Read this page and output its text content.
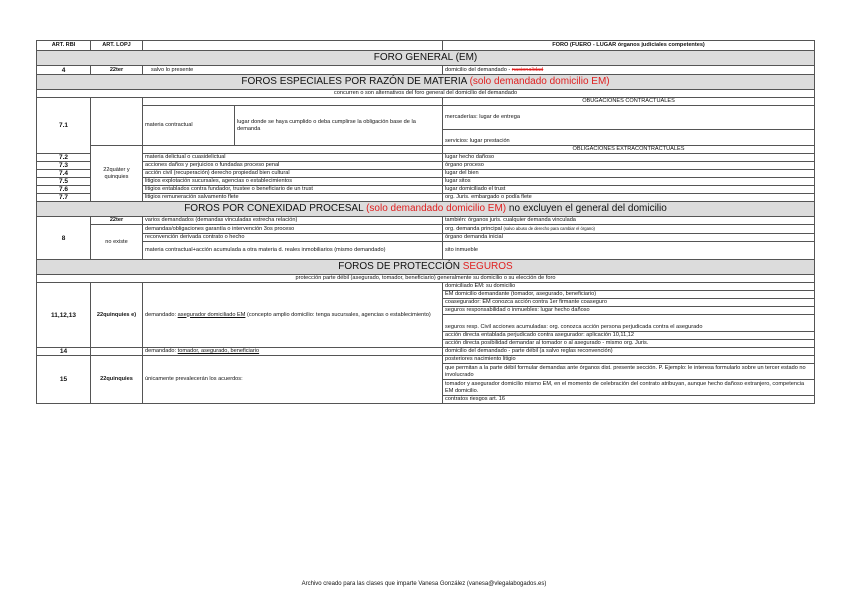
ART. RBI	ART. LOPJ			FORO (FUERO - LUGAR órganos judiciales competentes)
FORO GENERAL (EM)				
4	22ter	salvo lo presente		domicilio del demandado - nacionalidad
FOROS ESPECIALES POR RAZÓN DE MATERIA (solo demandado domicilio EM)				
concurren o son alternativos del foro general del domicilio del demandado				
7.1				OBUGACIONES CONTRACTUALES
		materia contractual	lugar donde se haya cumplido o deba cumplirse la obligación base de la demanda	mercaderías: lugar de entrega
				servicios: lugar prestación
	22quàter y quinquies			OBLIGACIONES EXTRACONTRACTUALES
7.2		materia delictual o cuasidelictual		lugar hecho dañoso
7.3		acciones daños y perjuicios o fundadas proceso penal		órgano proceso
7.4		acción civil (recuperación) derecho propiedad bien cultural		lugar del bien
7.5		litigios explotación sucursales, agencias o establecimientos		lugar sitos
7.6		litigios entablados contra fundador, trustee o beneficiario de un trust		lugar domiciliado el trust
7.7		litigios remuneración salvamento flete		org. Juris. embargado o podía flete
FOROS POR CONEXIDAD PROCESAL (solo demandado domicilio EM) no excluyen el general del domicilio				
8	22ter	varios demandados (demandas vinculadas estrecha relación)		también: órganos juris. cualquier demanda vinculada
	no existe	demandas/obligaciones garantía o intervención 3os proceso		org. demanda principal (salvo abuso de derecho para cambiar el órgano)
		reconvención derivada contrato o hecho		órgano demanda inicial
		materia contractual+acción acumulada a otra materia d. reales inmobiliarios (mismo demandado)		sito inmueble
FOROS DE PROTECCIÓN SEGUROS				
protección parte débil (asegurado, tomador, beneficiario) generalmente su domicilio o su elección de foro				
11,12,13	22quinquies e)	demandado: asegurador domiciliado EM (concepto amplio domicilio: tenga sucursales, agencias o establecimiento)		domiciliado EM: su domicilio
				EM domicilio demandante (tomador, asegurado, beneficiario)
				coasegurador: EM conozca acción contra 1er firmante coaseguro
				seguros responsabilidad o inmuebles: lugar hecho dañoso
				seguros resp. Civil acciones acumuladas: org. conozca acción persona perjudicada contra el asegurado
				acción directa entablada perjudicado contra asegurador: aplicación 10,11,12
				acción directa posibilidad demandar al tomador o al asegurado - mismo org. Juris.
14		demandado: tomador, asegurado, beneficiario		domicilio del demandado - parte débil (a salvo reglas reconvención)
15	22quinquies	únicamente prevalecerán los acuerdos:		posteriores nacimiento litigio
				que permitan a la parte débil formular demandas ante órganos dist. presente sección. P. Ejemplo: le interesa formularlo sobre un tercer estado no involucrado
				tomador y asegurador domicilio mismo EM, en el momento de celebración del contrato atribuyan, aunque hecho dañoso extranjero, competencia EM domicilio.
				contratos riesgos art. 16
Archivo creado para las clases que imparte Vanesa González (vanesa@vlegalabogados.es)
